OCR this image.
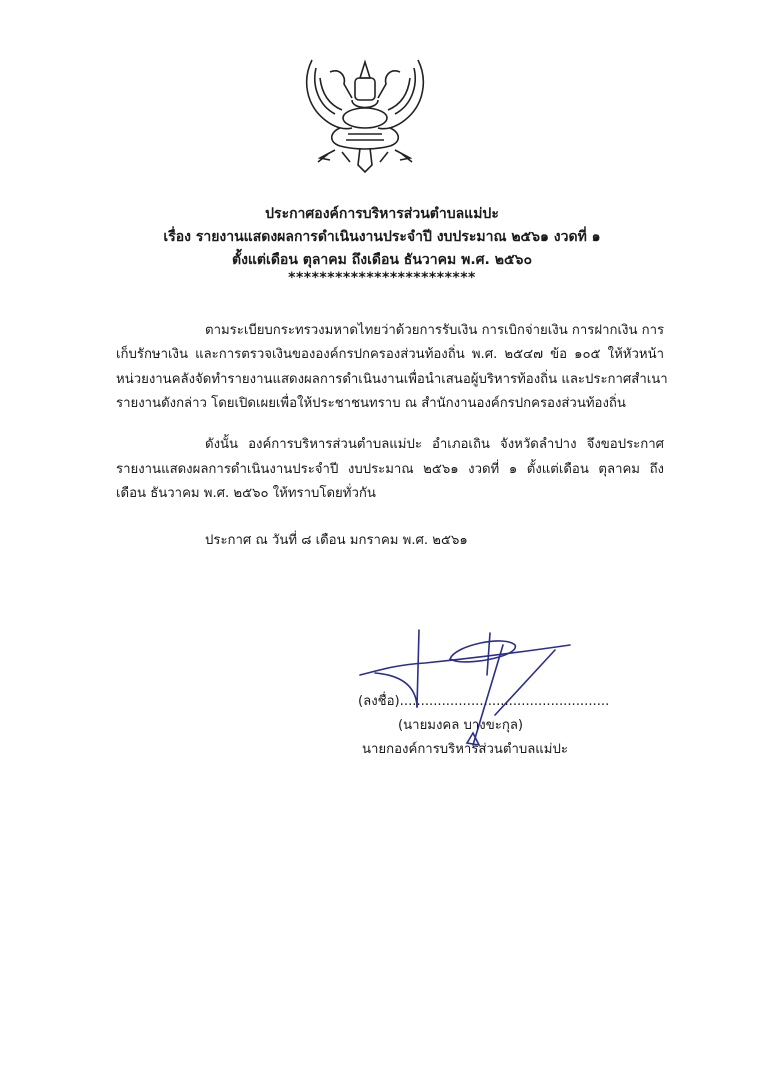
ประกาศองค์การบริหารส่วนตำบลแม่ปะ
เรื่อง รายงานแสดงผลการดำเนินงานประจำปี งบประมาณ ๒๕๖๑ งวดที่ ๑
ตั้งแต่เดือน ตุลาคม ถึงเดือน ธันวาคม พ.ศ. ๒๕๖๐
************************
ตามระเบียบกระทรวงมหาดไทยว่าด้วยการรับเงิน การเบิกจ่ายเงิน การฝากเงิน การ
เก็บรักษาเงิน และการตรวจเงินขององค์กรปกครองส่วนท้องถิ่น พ.ศ. ๒๕๔๗ ข้อ ๑๐๕ ให้หัวหน้า
หน่วยงานคลังจัดทำรายงานแสดงผลการดำเนินงานเพื่อนำเสนอผู้บริหารท้องถิ่น และประกาศสำเนา
รายงานดังกล่าว โดยเปิดเผยเพื่อให้ประชาชนทราบ ณ สำนักงานองค์กรปกครองส่วนท้องถิ่น
ดังนั้น องค์การบริหารส่วนตำบลแม่ปะ อำเภอเถิน จังหวัดลำปาง จึงขอประกาศ
รายงานแสดงผลการดำเนินงานประจำปี งบประมาณ ๒๕๖๑ งวดที่ ๑ ตั้งแต่เดือน ตุลาคม ถึง
เดือน ธันวาคม พ.ศ. ๒๕๖๐ ให้ทราบโดยทั่วกัน
ประกาศ ณ วันที่ ๘ เดือน มกราคม พ.ศ. ๒๕๖๑
(ลงชื่อ)..................................................
(นายมงคล บางขะกุล)
นายกองค์การบริหารส่วนตำบลแม่ปะ
